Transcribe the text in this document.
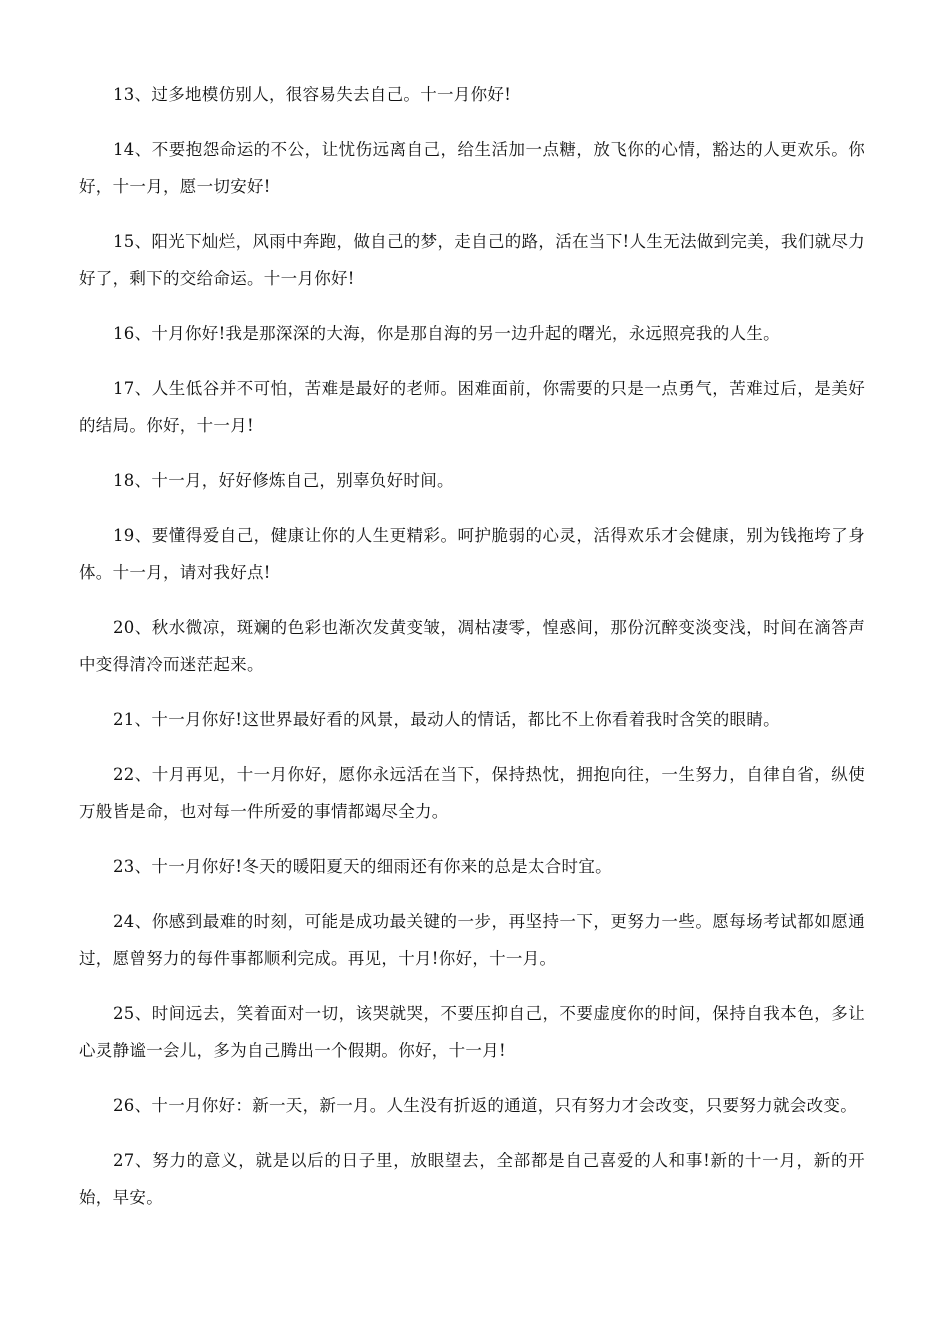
13、过多地模仿别人，很容易失去自己。十一月你好!

14、不要抱怨命运的不公，让忧伤远离自己，给生活加一点糖，放飞你的心情，豁达的人更欢乐。你好，十一月，愿一切安好!

15、阳光下灿烂，风雨中奔跑，做自己的梦，走自己的路，活在当下!人生无法做到完美，我们就尽力好了，剩下的交给命运。十一月你好!

16、十月你好!我是那深深的大海，你是那自海的另一边升起的曙光，永远照亮我的人生。

17、人生低谷并不可怕，苦难是最好的老师。困难面前，你需要的只是一点勇气，苦难过后，是美好的结局。你好，十一月!

18、十一月，好好修炼自己，别辜负好时间。

19、要懂得爱自己，健康让你的人生更精彩。呵护脆弱的心灵，活得欢乐才会健康，别为钱拖垮了身体。十一月，请对我好点!

20、秋水微凉，斑斓的色彩也渐次发黄变皱，凋枯凄零，惶惑间，那份沉醉变淡变浅，时间在滴答声中变得清冷而迷茫起来。

21、十一月你好!这世界最好看的风景，最动人的情话，都比不上你看着我时含笑的眼睛。

22、十月再见，十一月你好，愿你永远活在当下，保持热忱，拥抱向往，一生努力，自律自省，纵使万般皆是命，也对每一件所爱的事情都竭尽全力。

23、十一月你好!冬天的暖阳夏天的细雨还有你来的总是太合时宜。

24、你感到最难的时刻，可能是成功最关键的一步，再坚持一下，更努力一些。愿每场考试都如愿通过，愿曾努力的每件事都顺利完成。再见，十月!你好，十一月。

25、时间远去，笑着面对一切，该哭就哭，不要压抑自己，不要虚度你的时间，保持自我本色，多让心灵静谧一会儿，多为自己腾出一个假期。你好，十一月!

26、十一月你好：新一天，新一月。人生没有折返的通道，只有努力才会改变，只要努力就会改变。

27、努力的意义，就是以后的日子里，放眼望去，全部都是自己喜爱的人和事!新的十一月，新的开始，早安。
